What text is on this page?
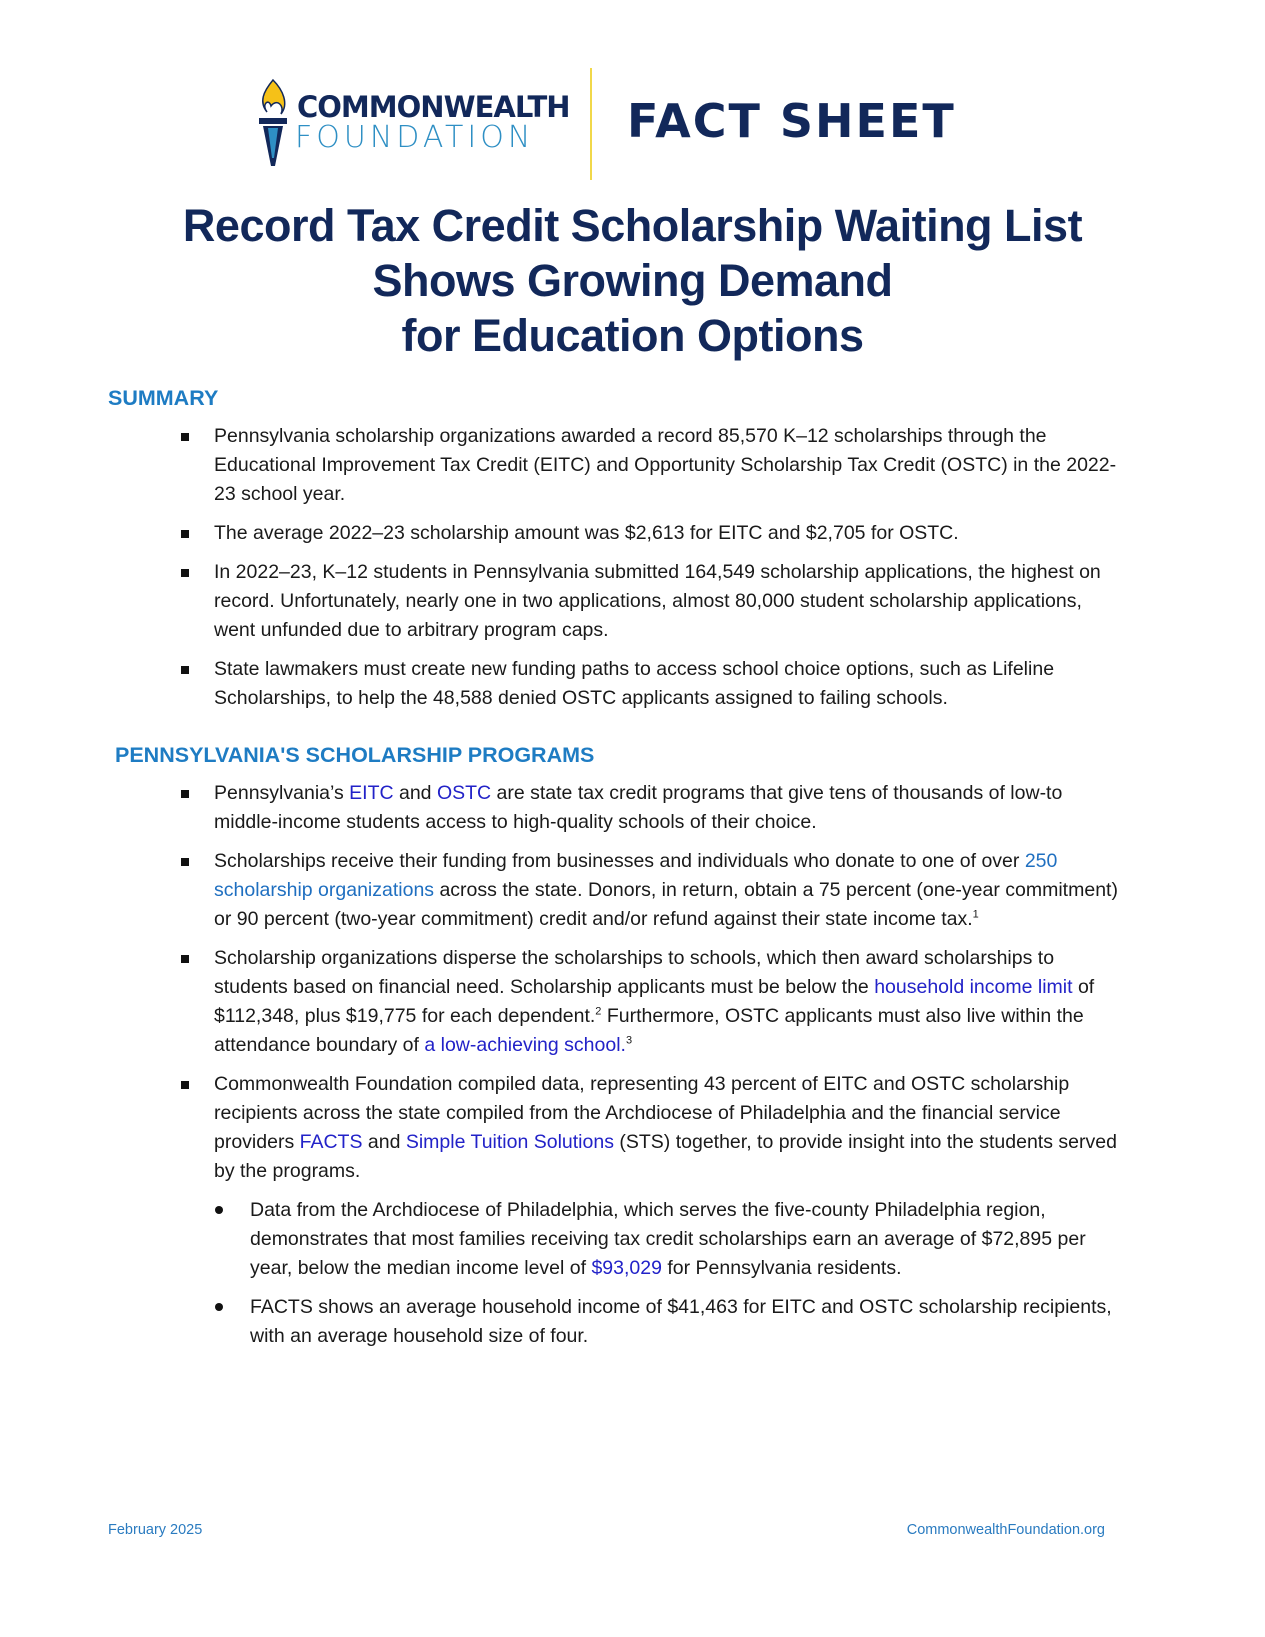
COMMONWEALTH
FOUNDATION FACT SHEET
Record Tax Credit Scholarship Waiting List
Shows Growing Demand
for Education Options
SUMMARY
Pennsylvania scholarship organizations awarded a record 85,570 K–12 scholarships through the Educational Improvement Tax Credit (EITC) and Opportunity Scholarship Tax Credit (OSTC) in the 2022-23 school year.
The average 2022–23 scholarship amount was $2,613 for EITC and $2,705 for OSTC.
In 2022–23, K–12 students in Pennsylvania submitted 164,549 scholarship applications, the highest on record. Unfortunately, nearly one in two applications, almost 80,000 student scholarship applications, went unfunded due to arbitrary program caps.
State lawmakers must create new funding paths to access school choice options, such as Lifeline Scholarships, to help the 48,588 denied OSTC applicants assigned to failing schools.
PENNSYLVANIA'S SCHOLARSHIP PROGRAMS
Pennsylvania’s EITC and OSTC are state tax credit programs that give tens of thousands of low-to middle-income students access to high-quality schools of their choice.
Scholarships receive their funding from businesses and individuals who donate to one of over 250 scholarship organizations across the state. Donors, in return, obtain a 75 percent (one-year commitment) or 90 percent (two-year commitment) credit and/or refund against their state income tax.$^1$
Scholarship organizations disperse the scholarships to schools, which then award scholarships to students based on financial need. Scholarship applicants must be below the household income limit of $112,348, plus $19,775 for each dependent.$^2$ Furthermore, OSTC applicants must also live within the attendance boundary of a low-achieving school.$^3$
Commonwealth Foundation compiled data, representing 43 percent of EITC and OSTC scholarship recipients across the state compiled from the Archdiocese of Philadelphia and the financial service providers FACTS and Simple Tuition Solutions (STS) together, to provide insight into the students served by the programs.
Data from the Archdiocese of Philadelphia, which serves the five-county Philadelphia region, demonstrates that most families receiving tax credit scholarships earn an average of $72,895 per year, below the median income level of $93,029 for Pennsylvania residents.
FACTS shows an average household income of $41,463 for EITC and OSTC scholarship recipients, with an average household size of four.
February 2025	CommonwealthFoundation.org
